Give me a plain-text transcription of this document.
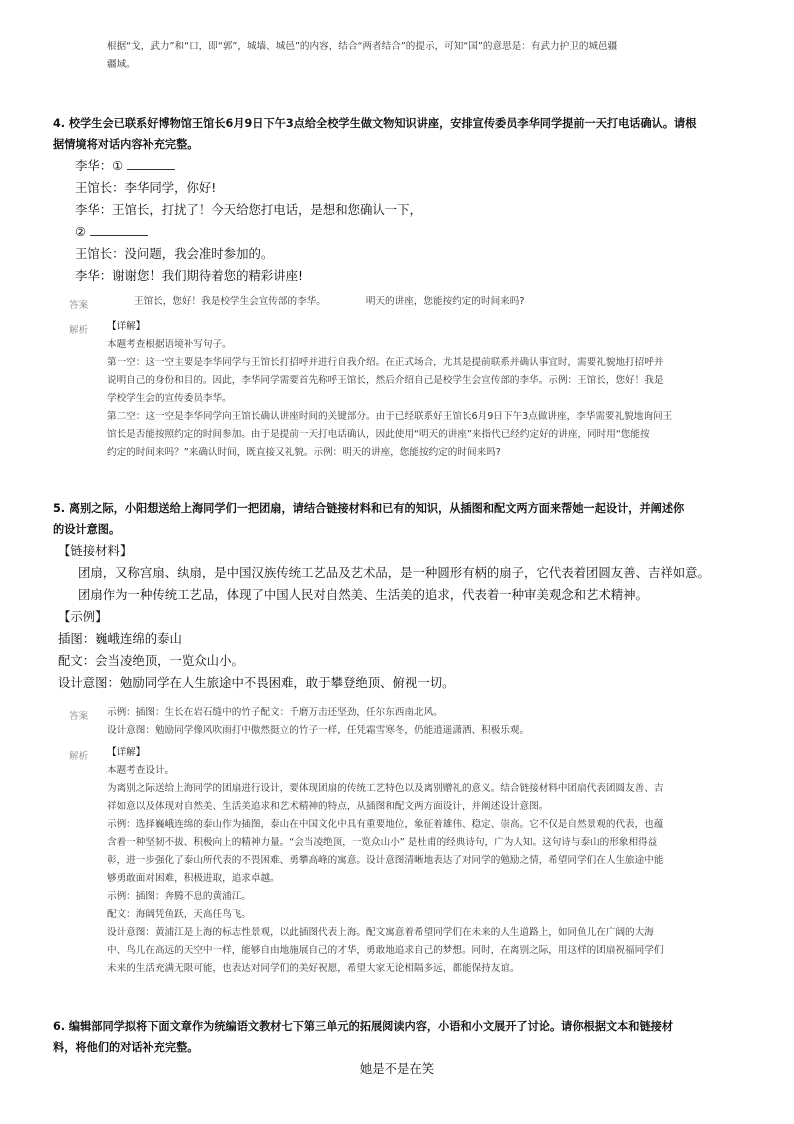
根据“戈，武力”和“口，即“郭”，城墙、城邑”的内容，结合“两者结合”的提示，可知“国”的意思是：有武力护卫的城邑疆

疆域。

4. 校学生会已联系好博物馆王馆长6月9日下午3点给全校学生做文物知识讲座，安排宣传委员李华同学提前一天打电话确认。请根

据情境将对话内容补充完整。

李华：①

王馆长：李华同学，你好!

李华：王馆长，打扰了！今天给您打电话，是想和您确认一下，

②

王馆长：没问题，我会准时参加的。

李华：谢谢您！我们期待着您的精彩讲座!

答案	王馆长，您好！我是校学生会宣传部的李华。	明天的讲座，您能按约定的时间来吗?
解析 【详解】

本题考查根据语境补写句子。

第一空：这一空主要是李华同学与王馆长打招呼并进行自我介绍。在正式场合，尤其是提前联系并确认事宜时，需要礼貌地打招呼并

说明自己的身份和目的。因此，李华同学需要首先称呼王馆长，然后介绍自己是校学生会宣传部的李华。示例：王馆长，您好！我是

学校学生会的宣传委员李华。

第二空：这一空是李华同学向王馆长确认讲座时间的关键部分。由于已经联系好王馆长6月9日下午3点做讲座，李华需要礼貌地询问王

馆长是否能按照约定的时间参加。由于是提前一天打电话确认，因此使用“明天的讲座”来指代已经约定好的讲座，同时用“您能按

约定的时间来吗？”来确认时间，既直接又礼貌。示例：明天的讲座，您能按约定的时间来吗?

5. 离别之际，小阳想送给上海同学们一把团扇，请结合链接材料和已有的知识，从插图和配文两方面来帮她一起设计，并阐述你

的设计意图。

【链接材料】

团扇，又称宫扇、纨扇，是中国汉族传统工艺品及艺术品，是一种圆形有柄的扇子，它代表着团圆友善、吉祥如意。

团扇作为一种传统工艺品，体现了中国人民对自然美、生活美的追求，代表着一种审美观念和艺术精神。

【示例】

插图：巍峨连绵的泰山

配文：会当凌绝顶，一览众山小。

设计意图：勉励同学在人生旅途中不畏困难，敢于攀登绝顶、俯视一切。

答案 示例：插图：生长在岩石缝中的竹子配文：千磨万击还坚劲，任尔东西南北风。

设计意图：勉励同学像风吹雨打中傲然挺立的竹子一样，任凭霜雪寒冬，仍能逍遥潇洒、积极乐观。

解析 【详解】

本题考查设计。

为离别之际送给上海同学的团扇进行设计，要体现团扇的传统工艺特色以及离别赠礼的意义。结合链接材料中团扇代表团圆友善、吉

祥如意以及体现对自然美、生活美追求和艺术精神的特点，从插图和配文两方面设计，并阐述设计意图。

示例：选择巍峨连绵的泰山作为插图，泰山在中国文化中具有重要地位，象征着雄伟、稳定、崇高。它不仅是自然景观的代表，也蕴

含着一种坚韧不拔、积极向上的精神力量。“会当凌绝顶，一览众山小” 是杜甫的经典诗句，广为人知。这句诗与泰山的形象相得益

彰，进一步强化了泰山所代表的不畏困难、勇攀高峰的寓意。设计意图清晰地表达了对同学的勉励之情，希望同学们在人生旅途中能

够勇敢面对困难，积极进取，追求卓越。

示例：插图：奔腾不息的黄浦江。

配文：海阔凭鱼跃，天高任鸟飞。

设计意图：黄浦江是上海的标志性景观，以此插图代表上海。配文寓意着希望同学们在未来的人生道路上，如同鱼儿在广阔的大海

中、鸟儿在高远的天空中一样，能够自由地施展自己的才华，勇敢地追求自己的梦想。同时，在离别之际，用这样的团扇祝福同学们

未来的生活充满无限可能，也表达对同学们的美好祝愿，希望大家无论相隔多远，都能保持友谊。

6. 编辑部同学拟将下面文章作为统编语文教材七下第三单元的拓展阅读内容，小语和小文展开了讨论。请你根据文本和链接材

料，将他们的对话补充完整。

她是不是在笑
